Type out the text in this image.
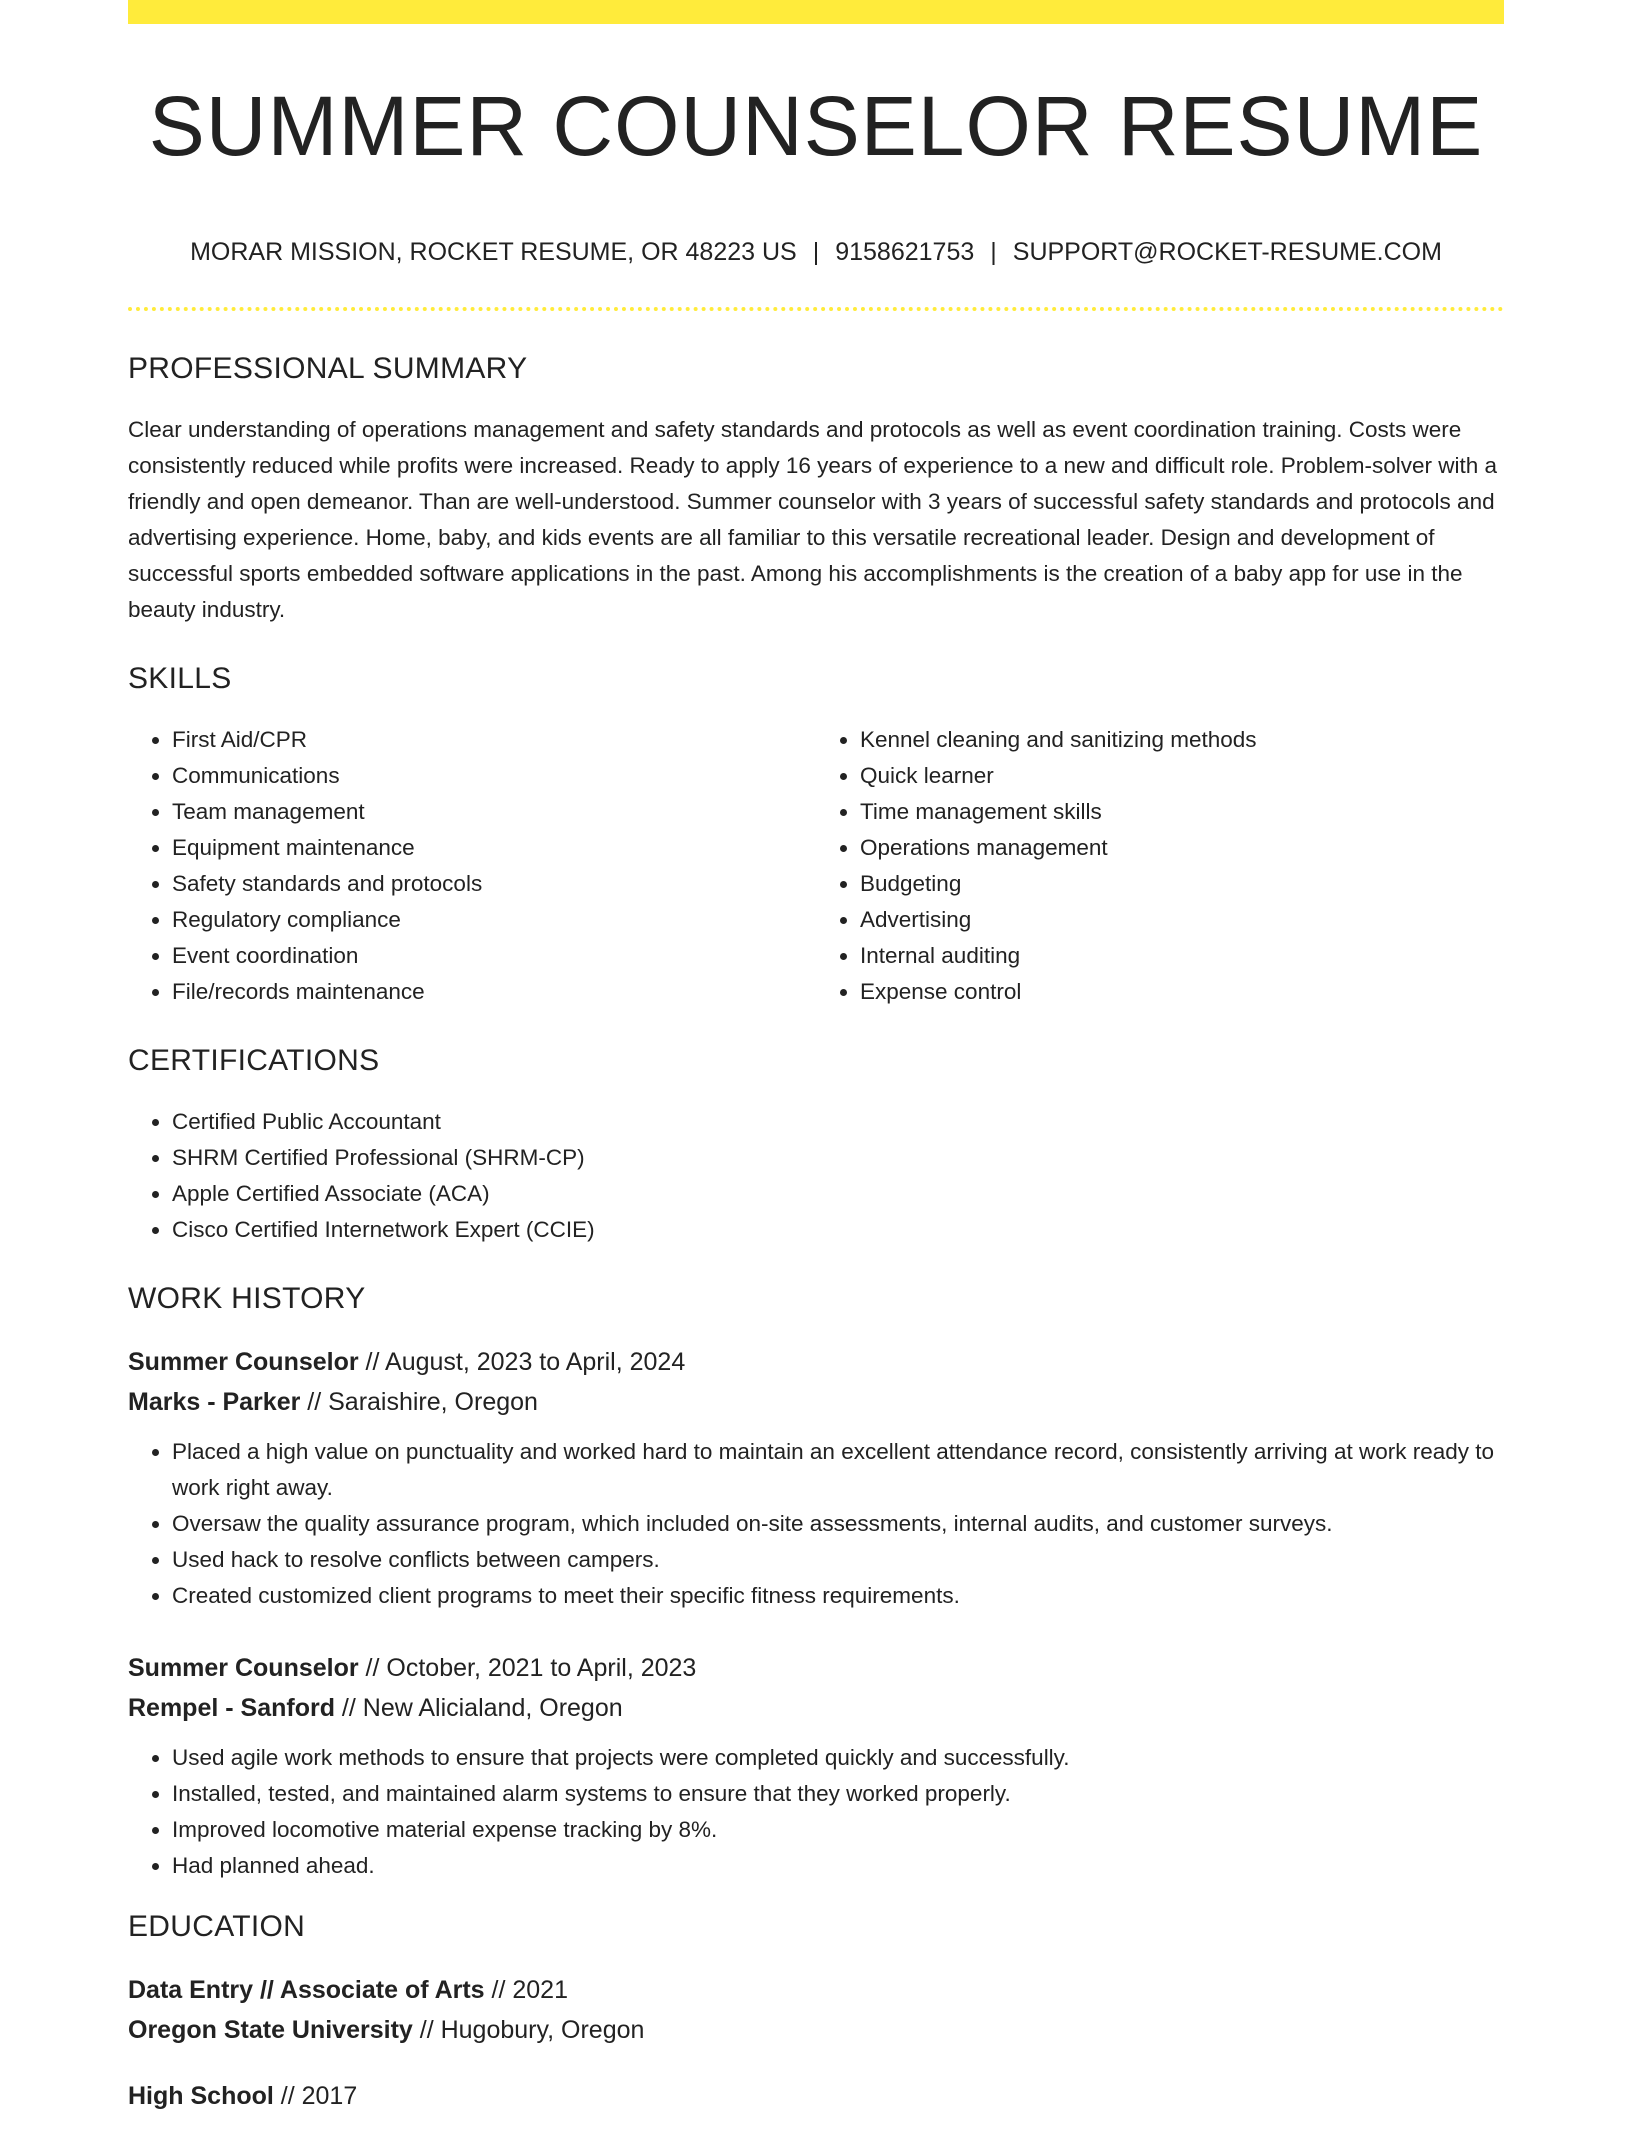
SUMMER COUNSELOR RESUME
MORAR MISSION, ROCKET RESUME, OR 48223 US | 9158621753 | SUPPORT@ROCKET-RESUME.COM
PROFESSIONAL SUMMARY

Clear understanding of operations management and safety standards and protocols as well as event coordination training. Costs were consistently reduced while profits were increased. Ready to apply 16 years of experience to a new and difficult role. Problem-solver with a friendly and open demeanor. Than are well-understood. Summer counselor with 3 years of successful safety standards and protocols and advertising experience. Home, baby, and kids events are all familiar to this versatile recreational leader. Design and development of successful sports embedded software applications in the past. Among his accomplishments is the creation of a baby app for use in the beauty industry.

SKILLS
• First Aid/CPR
• Communications
• Team management
• Equipment maintenance
• Safety standards and protocols
• Regulatory compliance
• Event coordination
• File/records maintenance
• Kennel cleaning and sanitizing methods
• Quick learner
• Time management skills
• Operations management
• Budgeting
• Advertising
• Internal auditing
• Expense control
CERTIFICATIONS
• Certified Public Accountant
• SHRM Certified Professional (SHRM-CP)
• Apple Certified Associate (ACA)
• Cisco Certified Internetwork Expert (CCIE)
WORK HISTORY

Summer Counselor // August, 2023 to April, 2024

Marks - Parker // Saraishire, Oregon

• Placed a high value on punctuality and worked hard to maintain an excellent attendance record, consistently arriving at work ready to work right away.
• Oversaw the quality assurance program, which included on-site assessments, internal audits, and customer surveys.
• Used hack to resolve conflicts between campers.
• Created customized client programs to meet their specific fitness requirements.

Summer Counselor // October, 2021 to April, 2023

Rempel - Sanford // New Alicialand, Oregon

• Used agile work methods to ensure that projects were completed quickly and successfully.
• Installed, tested, and maintained alarm systems to ensure that they worked properly.
• Improved locomotive material expense tracking by 8%.
• Had planned ahead.
EDUCATION

Data Entry // Associate of Arts // 2021

Oregon State University // Hugobury, Oregon

High School // 2017
